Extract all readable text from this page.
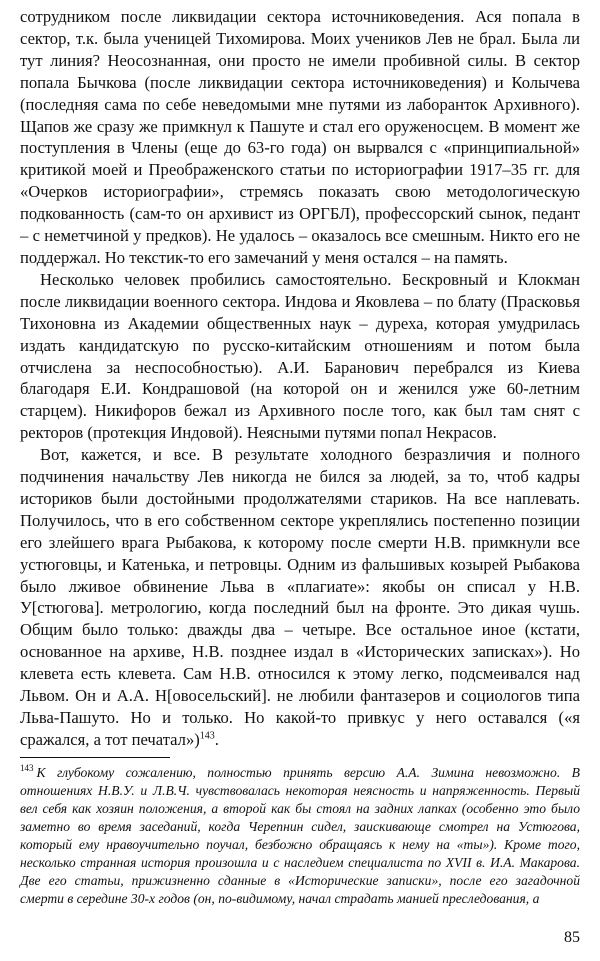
сотрудником после ликвидации сектора источниковедения. Ася попала в сектор, т.к. была ученицей Тихомирова. Моих учеников Лев не брал. Была ли тут линия? Неосознанная, они просто не имели пробивной силы. В сектор попала Бычкова (после ликвидации сектора источниковедения) и Колычева (последняя сама по себе неведомыми мне путями из лаборанток Архивного). Щапов же сразу же примкнул к Пашуте и стал его оруженосцем. В момент же поступления в Члены (еще до 63-го года) он вырвался с «принципиальной» критикой моей и Преображенского статьи по историографии 1917–35 гг. для «Очерков историографии», стремясь показать свою методологическую подкованность (сам-то он архивист из ОРГБЛ), профессорский сынок, педант – с неметчиной у предков). Не удалось – оказалось все смешным. Никто его не поддержал. Но текстик-то его замечаний у меня остался – на память.

Несколько человек пробились самостоятельно. Бескровный и Клокман после ликвидации военного сектора. Индова и Яковлева – по блату (Прасковья Тихоновна из Академии общественных наук – дуреха, которая умудрилась издать кандидатскую по русско-китайским отношениям и потом была отчислена за неспособностью). А.И. Баранович перебрался из Киева благодаря Е.И. Кондрашовой (на которой он и женился уже 60-летним старцем). Никифоров бежал из Архивного после того, как был там снят с ректоров (протекция Индовой). Неясными путями попал Некрасов.

Вот, кажется, и все. В результате холодного безразличия и полного подчинения начальству Лев никогда не бился за людей, за то, чтоб кадры историков были достойными продолжателями стариков. На все наплевать. Получилось, что в его собственном секторе укреплялись постепенно позиции его злейшего врага Рыбакова, к которому после смерти Н.В. примкнули все устюговцы, и Катенька, и петровцы. Одним из фальшивых козырей Рыбакова было лживое обвинение Льва в «плагиате»: якобы он списал у Н.В. У[стюгова]. метрологию, когда последний был на фронте. Это дикая чушь. Общим было только: дважды два – четыре. Все остальное иное (кстати, основанное на архиве, Н.В. позднее издал в «Исторических записках»). Но клевета есть клевета. Сам Н.В. относился к этому легко, подсмеивался над Львом. Он и А.А. Н[овосельский]. не любили фантазеров и социологов типа Льва-Пашуто. Но и только. Но какой-то привкус у него оставался («я сражался, а тот печатал»)$^{143}$.

$^{143}$ К глубокому сожалению, полностью принять версию А.А. Зимина невозможно. В отношениях Н.В.У. и Л.В.Ч. чувствовалась некоторая неясность и напряженность. Первый вел себя как хозяин положения, а второй как бы стоял на задних лапках (особенно это было заметно во время заседаний, когда Черепнин сидел, заискивающе смотрел на Устюгова, который ему нравоучительно поучал, безбожно обращаясь к нему на «ты»). Кроме того, несколько странная история произошла и с наследием специалиста по XVII в. И.А. Макарова. Две его статьи, прижизненно сданные в «Исторические записки», после его загадочной смерти в середине 30-х годов (он, по-видимому, начал страдать манией преследования, а

85
